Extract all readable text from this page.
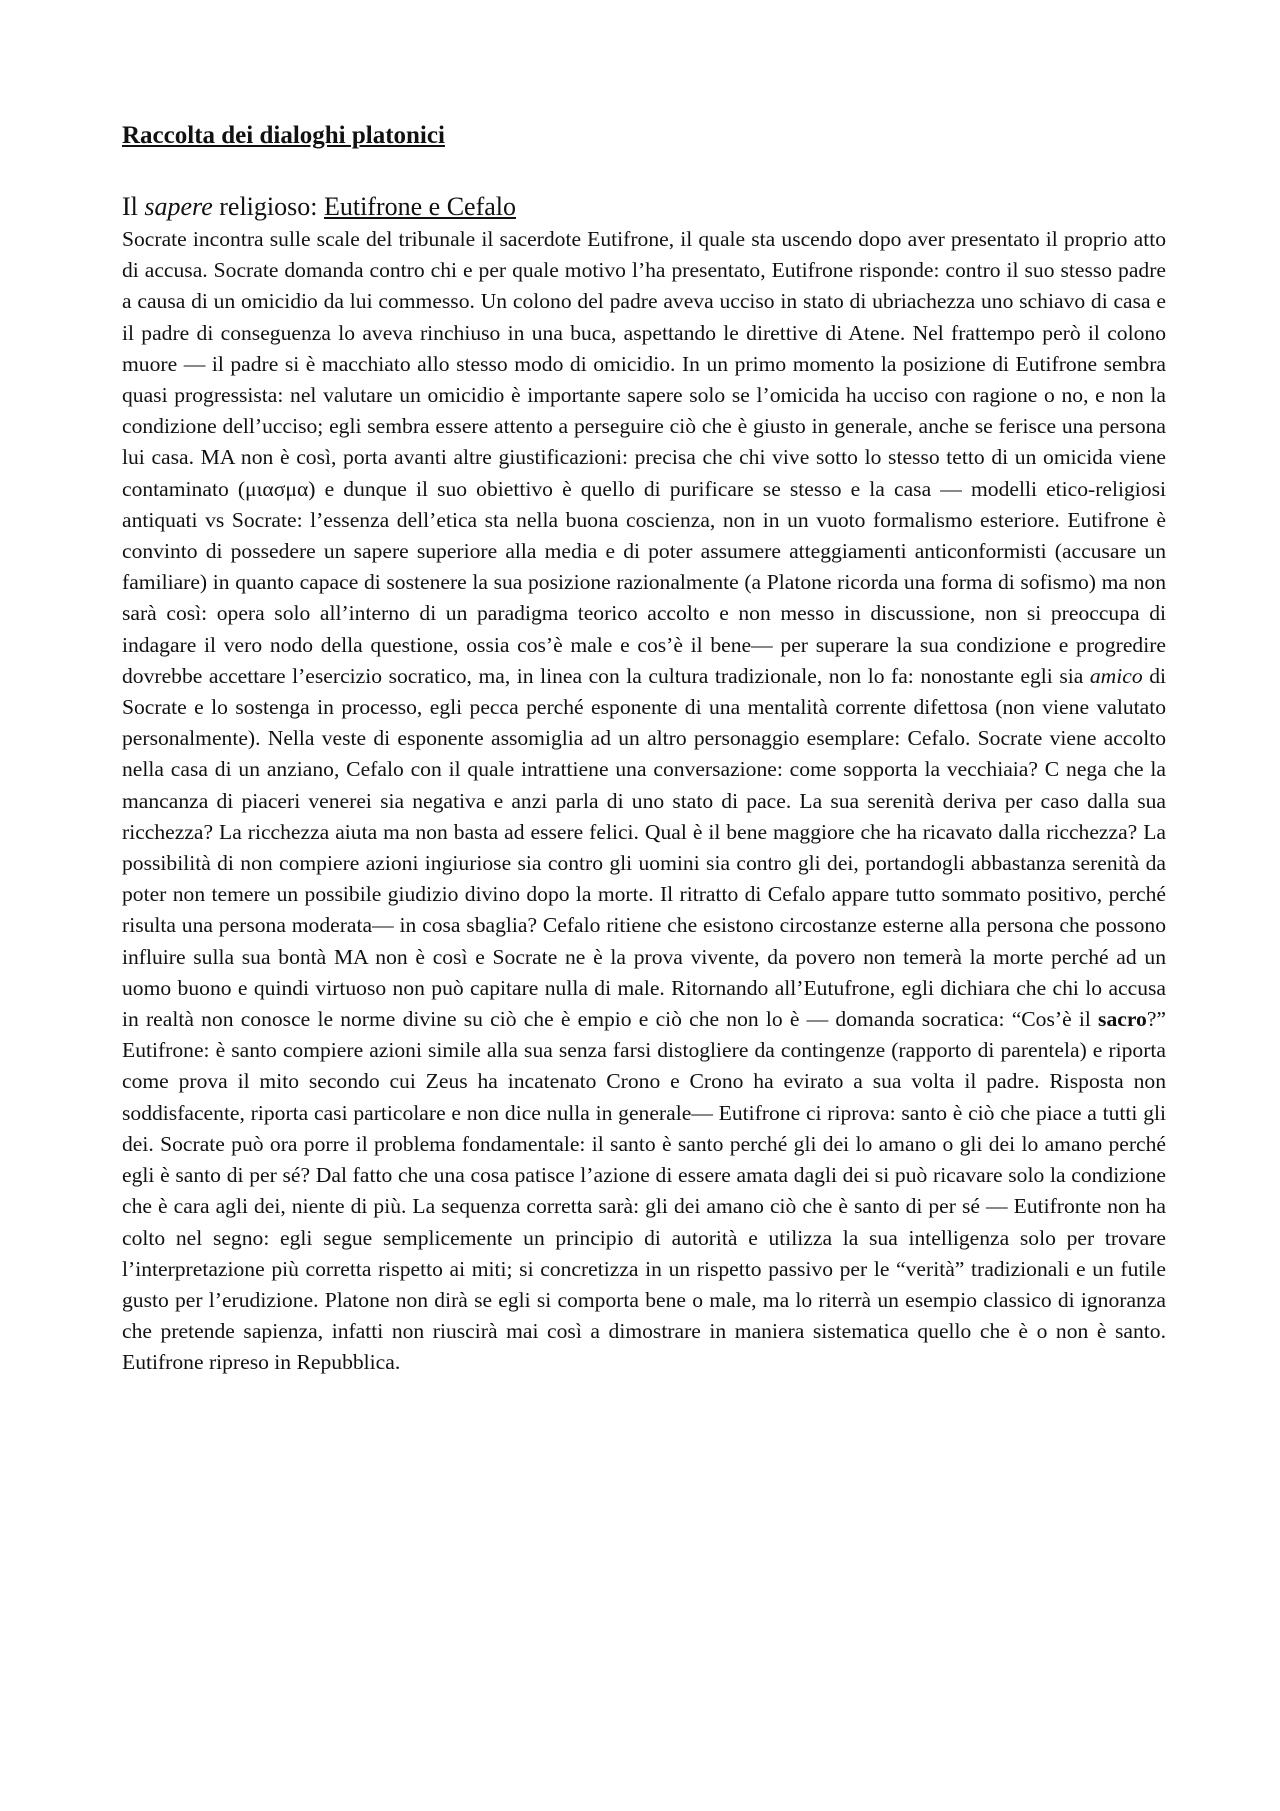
Raccolta dei dialoghi platonici
Il sapere religioso: Eutifrone e Cefalo

Socrate incontra sulle scale del tribunale il sacerdote Eutifrone, il quale sta uscendo dopo aver presentato il proprio atto di accusa. Socrate domanda contro chi e per quale motivo l’ha presentato, Eutifrone risponde: contro il suo stesso padre a causa di un omicidio da lui commesso. Un colono del padre aveva ucciso in stato di ubriachezza uno schiavo di casa e il padre di conseguenza lo aveva rinchiuso in una buca, aspettando le direttive di Atene. Nel frattempo però il colono muore — il padre si è macchiato allo stesso modo di omicidio. In un primo momento la posizione di Eutifrone sembra quasi progressista: nel valutare un omicidio è importante sapere solo se l’omicida ha ucciso con ragione o no, e non la condizione dell’ucciso; egli sembra essere attento a perseguire ciò che è giusto in generale, anche se ferisce una persona lui casa. MA non è così, porta avanti altre giustificazioni: precisa che chi vive sotto lo stesso tetto di un omicida viene contaminato (μιασμα) e dunque il suo obiettivo è quello di purificare se stesso e la casa — modelli etico-religiosi antiquati vs Socrate: l’essenza dell’etica sta nella buona coscienza, non in un vuoto formalismo esteriore. Eutifrone è convinto di possedere un sapere superiore alla media e di poter assumere atteggiamenti anticonformisti (accusare un familiare) in quanto capace di sostenere la sua posizione razionalmente (a Platone ricorda una forma di sofismo) ma non sarà così: opera solo all’interno di un paradigma teorico accolto e non messo in discussione, non si preoccupa di indagare il vero nodo della questione, ossia cos’è male e cos’è il bene— per superare la sua condizione e progredire dovrebbe accettare l’esercizio socratico, ma, in linea con la cultura tradizionale, non lo fa: nonostante egli sia amico di Socrate e lo sostenga in processo, egli pecca perché esponente di una mentalità corrente difettosa (non viene valutato personalmente). Nella veste di esponente assomiglia ad un altro personaggio esemplare: Cefalo. Socrate viene accolto nella casa di un anziano, Cefalo con il quale intrattiene una conversazione: come sopporta la vecchiaia? C nega che la mancanza di piaceri venerei sia negativa e anzi parla di uno stato di pace. La sua serenità deriva per caso dalla sua ricchezza? La ricchezza aiuta ma non basta ad essere felici. Qual è il bene maggiore che ha ricavato dalla ricchezza? La possibilità di non compiere azioni ingiuriose sia contro gli uomini sia contro gli dei, portandogli abbastanza serenità da poter non temere un possibile giudizio divino dopo la morte. Il ritratto di Cefalo appare tutto sommato positivo, perché risulta una persona moderata— in cosa sbaglia? Cefalo ritiene che esistono circostanze esterne alla persona che possono influire sulla sua bontà MA non è così e Socrate ne è la prova vivente, da povero non temerà la morte perché ad un uomo buono e quindi virtuoso non può capitare nulla di male. Ritornando all’Eutufrone, egli dichiara che chi lo accusa in realtà non conosce le norme divine su ciò che è empio e ciò che non lo è — domanda socratica: “Cos’è il sacro?” Eutifrone: è santo compiere azioni simile alla sua senza farsi distogliere da contingenze (rapporto di parentela) e riporta come prova il mito secondo cui Zeus ha incatenato Crono e Crono ha evirato a sua volta il padre. Risposta non soddisfacente, riporta casi particolare e non dice nulla in generale— Eutifrone ci riprova: santo è ciò che piace a tutti gli dei. Socrate può ora porre il problema fondamentale: il santo è santo perché gli dei lo amano o gli dei lo amano perché egli è santo di per sé? Dal fatto che una cosa patisce l’azione di essere amata dagli dei si può ricavare solo la condizione che è cara agli dei, niente di più. La sequenza corretta sarà: gli dei amano ciò che è santo di per sé — Eutifronte non ha colto nel segno: egli segue semplicemente un principio di autorità e utilizza la sua intelligenza solo per trovare l’interpretazione più corretta rispetto ai miti; si concretizza in un rispetto passivo per le “verità” tradizionali e un futile gusto per l’erudizione. Platone non dirà se egli si comporta bene o male, ma lo riterrà un esempio classico di ignoranza che pretende sapienza, infatti non riuscirà mai così a dimostrare in maniera sistematica quello che è o non è santo. Eutifrone ripreso in Repubblica.
